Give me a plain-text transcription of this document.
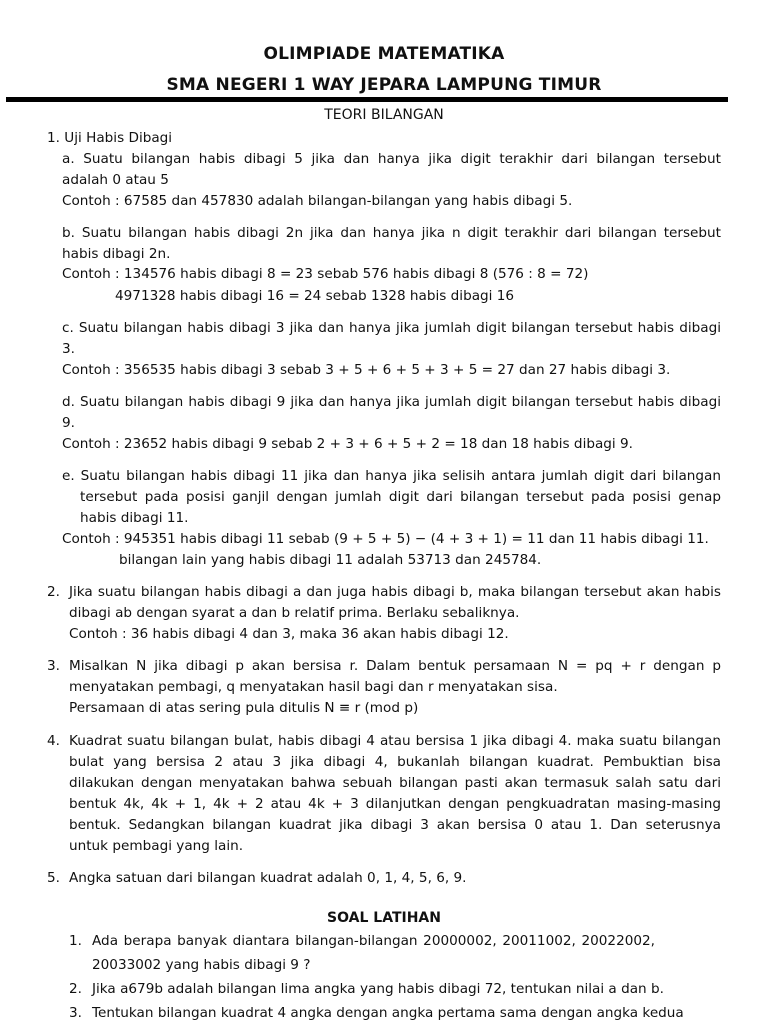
OLIMPIADE MATEMATIKA
SMA NEGERI 1 WAY JEPARA LAMPUNG TIMUR
TEORI BILANGAN
1. Uji Habis Dibagi
a. Suatu bilangan habis dibagi 5 jika dan hanya jika digit terakhir dari bilangan tersebut
adalah 0 atau 5
Contoh : 67585 dan 457830 adalah bilangan-bilangan yang habis dibagi 5.
b. Suatu bilangan habis dibagi 2n jika dan hanya jika n digit terakhir dari bilangan tersebut
habis dibagi 2n.
Contoh : 134576 habis dibagi 8 = 23 sebab 576 habis dibagi 8 (576 : 8 = 72)
4971328 habis dibagi 16 = 24 sebab 1328 habis dibagi 16
c. Suatu bilangan habis dibagi 3 jika dan hanya jika jumlah digit bilangan tersebut habis dibagi
3.
Contoh : 356535 habis dibagi 3 sebab 3 + 5 + 6 + 5 + 3 + 5 = 27 dan 27 habis dibagi 3.
d. Suatu bilangan habis dibagi 9 jika dan hanya jika jumlah digit bilangan tersebut habis dibagi
9.
Contoh : 23652 habis dibagi 9 sebab 2 + 3 + 6 + 5 + 2 = 18 dan 18 habis dibagi 9.
e. Suatu bilangan habis dibagi 11 jika dan hanya jika selisih antara jumlah digit dari bilangan
tersebut pada posisi ganjil dengan jumlah digit dari bilangan tersebut pada posisi genap
habis dibagi 11.
Contoh : 945351 habis dibagi 11 sebab (9 + 5 + 5) − (4 + 3 + 1) = 11 dan 11 habis dibagi 11.
bilangan lain yang habis dibagi 11 adalah 53713 dan 245784.
2. Jika suatu bilangan habis dibagi a dan juga habis dibagi b, maka bilangan tersebut akan habis
dibagi ab dengan syarat a dan b relatif prima. Berlaku sebaliknya.
Contoh : 36 habis dibagi 4 dan 3, maka 36 akan habis dibagi 12.
3. Misalkan N jika dibagi p akan bersisa r. Dalam bentuk persamaan N = pq + r dengan p
menyatakan pembagi, q menyatakan hasil bagi dan r menyatakan sisa.
Persamaan di atas sering pula ditulis N ≡ r (mod p)
4. Kuadrat suatu bilangan bulat, habis dibagi 4 atau bersisa 1 jika dibagi 4. maka suatu bilangan
bulat yang bersisa 2 atau 3 jika dibagi 4, bukanlah bilangan kuadrat. Pembuktian bisa
dilakukan dengan menyatakan bahwa sebuah bilangan pasti akan termasuk salah satu dari
bentuk 4k, 4k + 1, 4k + 2 atau 4k + 3 dilanjutkan dengan pengkuadratan masing-masing
bentuk. Sedangkan bilangan kuadrat jika dibagi 3 akan bersisa 0 atau 1. Dan seterusnya
untuk pembagi yang lain.
5. Angka satuan dari bilangan kuadrat adalah 0, 1, 4, 5, 6, 9.
SOAL LATIHAN
1. Ada berapa banyak diantara bilangan-bilangan 20000002, 20011002, 20022002,
20033002 yang habis dibagi 9 ?
2. Jika a679b adalah bilangan lima angka yang habis dibagi 72, tentukan nilai a dan b.
3. Tentukan bilangan kuadrat 4 angka dengan angka pertama sama dengan angka kedua
